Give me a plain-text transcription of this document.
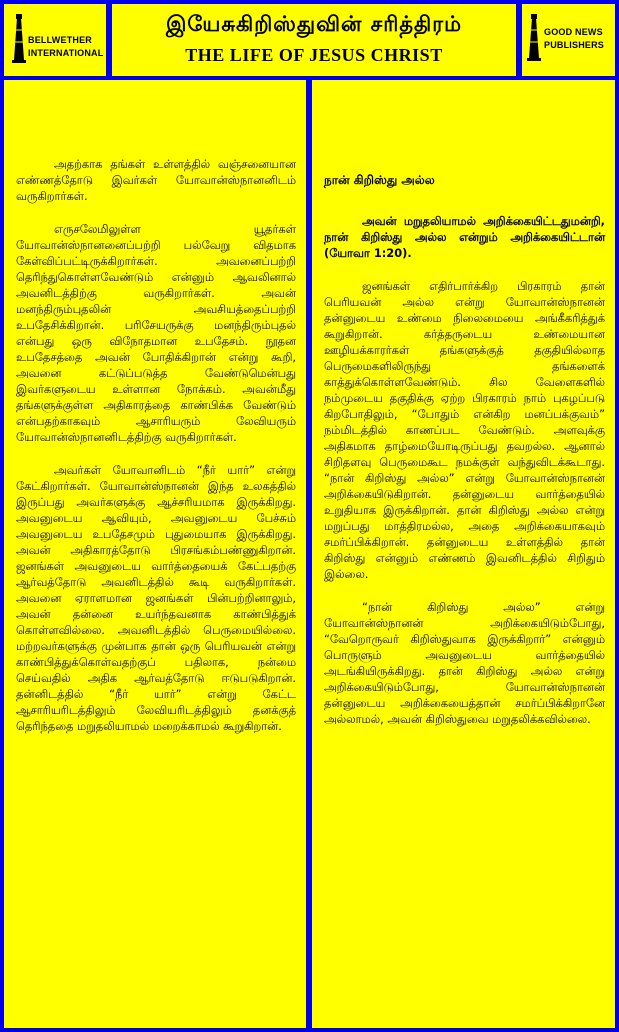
BELLWETHER
INTERNATIONAL
இயேசுகிறிஸ்துவின் சரித்திரம்
THE LIFE OF JESUS CHRIST
GOOD NEWS
PUBLISHERS

அதற்காக தங்கள் உள்ளத்தில் வஞ்சனையான எண்ணத்தோடு இவர்கள் யோவான்ஸ்நானனிடம் வருகிறார்கள்.

எருசலேமிலுள்ள யூதர்கள் யோவான்ஸ்நானனைப்பற்றி பல்வேறு விதமாக கேள்விப்பட்டிருக்கிறார்கள். அவனைப்பற்றி தெரிந்துகொள்ளவேண்டும் என்னும் ஆவலினால் அவனிடத்திற்கு வருகிறார்கள். அவன் மனந்திரும்புதலின் அவசியத்தைப்பற்றி உபதேசிக்கிறான். பரிசேயருக்கு மனந்திரும்புதல் என்பது ஒரு விநோதமான உபதேசம். நூதன உபதேசத்தை அவன் போதிக்கிறான் என்று கூறி, அவனை கட்டுப்படுத்த வேண்டுமென்பது இவர்களுடைய உள்ளான நோக்கம். அவன்மீது தங்களுக்குள்ள அதிகாரத்தை காண்பிக்க வேண்டும் என்பதற்காகவும் ஆசாரியரும் லேவியரும் யோவான்ஸ்நானனிடத்திற்கு வருகிறார்கள்.

அவர்கள் யோவானிடம் “நீர் யார்” என்று கேட்கிறார்கள். யோவான்ஸ்நானன் இந்த உலகத்தில் இருப்பது அவர்களுக்கு ஆச்சரியமாக இருக்கிறது. அவனுடைய ஆவியும், அவனுடைய பேச்சும் அவனுடைய உபதேசமும் புதுமையாக இருக்கிறது. அவன் அதிகாரத்தோடு பிரசங்கம்பண்ணுகிறான். ஜனங்கள் அவனுடைய வார்த்தையைக் கேட்பதற்கு ஆர்வத்தோடு அவனிடத்தில் கூடி வருகிறார்கள். அவனை ஏராளமான ஜனங்கள் பின்பற்றினாலும், அவன் தன்னை உயர்ந்தவனாக காண்பித்துக் கொள்ளவில்லை. அவனிடத்தில் பெருமையில்லை. மற்றவர்களுக்கு முன்பாக தான் ஒரு பெரியவன் என்று காண்பித்துக்கொள்வதற்குப் பதிலாக, நன்மை செய்வதில் அதிக ஆர்வத்தோடு ஈடுபடுகிறான். தன்னிடத்தில் “நீர் யார்” என்று கேட்ட ஆசாரியரிடத்திலும் லேவியரிடத்திலும் தனக்குத் தெரிந்ததை மறுதலியாமல் மறைக்காமல் கூறுகிறான்.

நான் கிறிஸ்து அல்ல

அவன் மறுதலியாமல் அறிக்கையிட்டதுமன்றி, நான் கிறிஸ்து அல்ல என்றும் அறிக்கையிட்டான் (யோவா 1:20).

ஜனங்கள் எதிர்பார்க்கிற பிரகாரம் தான் பெரியவன் அல்ல என்று யோவான்ஸ்நானன் தன்னுடைய உண்மை நிலைமையை அங்கீகரித்துக் கூறுகிறான். கர்த்தருடைய உண்மையான ஊழியக்காரர்கள் தங்களுக்குத் தகுதியில்லாத பெருமைகளிலிருந்து தங்களைக் காத்துக்கொள்ளவேண்டும். சில வேளைகளில் நம்முடைய தகுதிக்கு ஏற்ற பிரகாரம் நாம் புகழப்படு கிறபோதிலும், “போதும் என்கிற மனப்பக்குவம்” நம்மிடத்தில் காணப்பட வேண்டும். அளவுக்கு அதிகமாக தாழ்மையோடிருப்பது தவறல்ல. ஆனால் சிறிதளவு பெருமைகூட நமக்குள் வந்துவிடக்கூடாது. “நான் கிறிஸ்து அல்ல” என்று யோவான்ஸ்நானன் அறிக்கையிடுகிறான். தன்னுடைய வார்த்தையில் உறுதியாக இருக்கிறான். தான் கிறிஸ்து அல்ல என்று மறுப்பது மாத்திரமல்ல, அதை அறிக்கையாகவும் சமர்ப்பிக்கிறான். தன்னுடைய உள்ளத்தில் தான் கிறிஸ்து என்னும் எண்ணம் இவனிடத்தில் சிறிதும் இல்லை.

“நான் கிறிஸ்து அல்ல” என்று யோவான்ஸ்நானன் அறிக்கையிடும்போது, “வேறொருவர் கிறிஸ்துவாக இருக்கிறார்” என்னும் பொருளும் அவனுடைய வார்த்தையில் அடங்கியிருக்கிறது. தான் கிறிஸ்து அல்ல என்று அறிக்கையிடும்போது, யோவான்ஸ்நானன் தன்னுடைய அறிக்கையைத்தான் சமர்ப்பிக்கிறானே அல்லாமல், அவன் கிறிஸ்துவை மறுதலிக்கவில்லை.
